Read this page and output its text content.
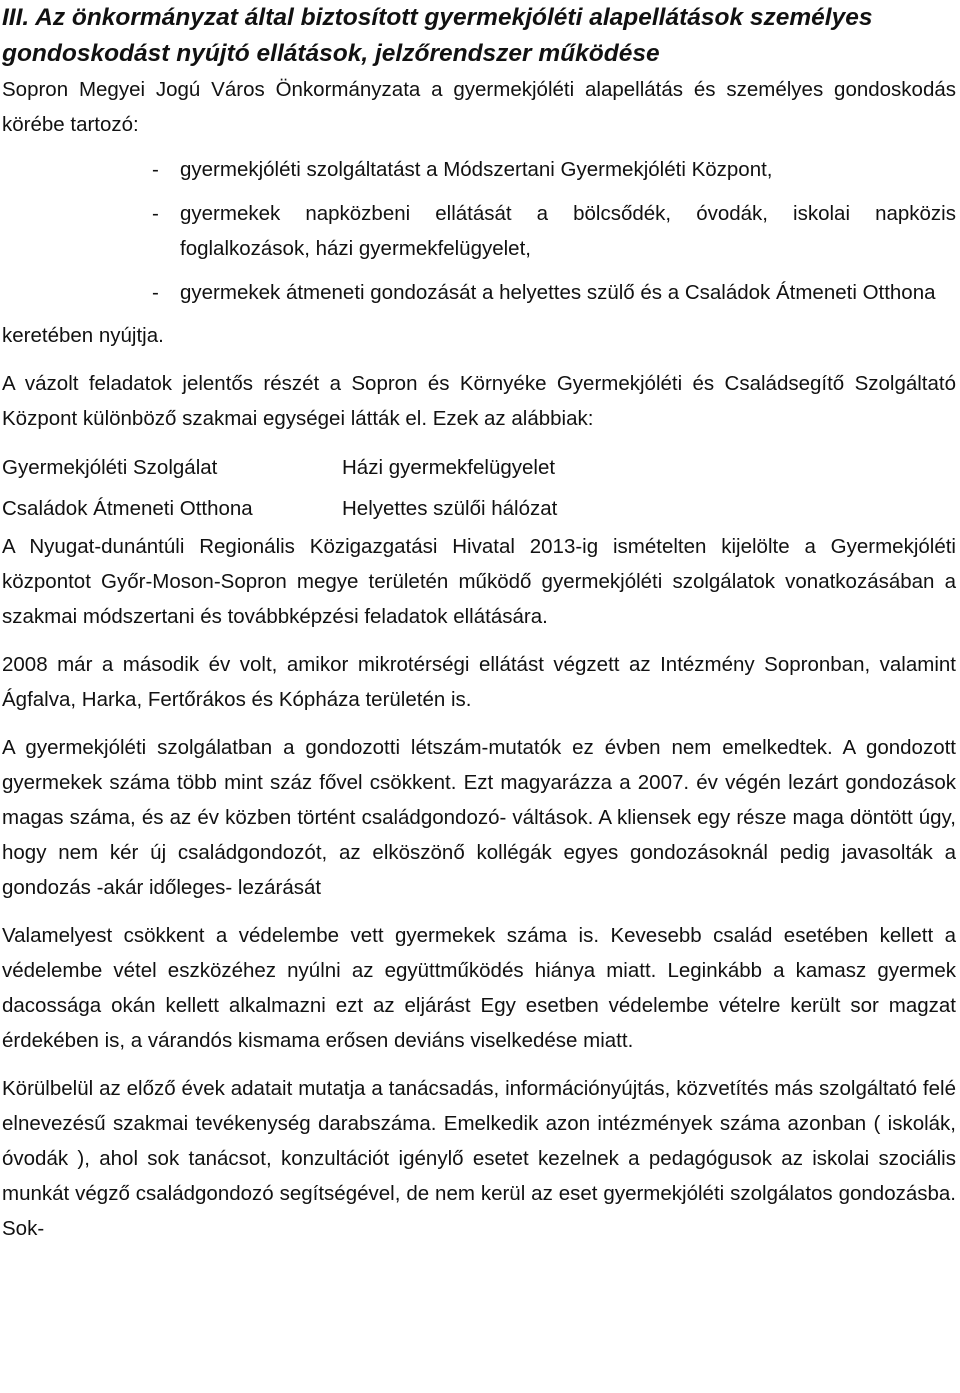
III. Az önkormányzat által biztosított gyermekjóléti alapellátások személyes gondoskodást nyújtó ellátások, jelzőrendszer működése

Sopron Megyei Jogú Város Önkormányzata a gyermekjóléti alapellátás és személyes gondoskodás körébe tartozó:

- gyermekjóléti szolgáltatást a Módszertani Gyermekjóléti Központ,
- gyermekek napközbeni ellátását a bölcsődék, óvodák, iskolai napközis foglalkozások, házi gyermekfelügyelet,
- gyermekek átmeneti gondozását a helyettes szülő és a Családok Átmeneti Otthona

keretében nyújtja.

A vázolt feladatok jelentős részét a Sopron és Környéke Gyermekjóléti és Családsegítő Szolgáltató Központ különböző szakmai egységei látták el. Ezek az alábbiak:

Gyermekjóléti Szolgálat	Házi gyermekfelügyelet
Családok Átmeneti Otthona	Helyettes szülői hálózat

A Nyugat-dunántúli Regionális Közigazgatási Hivatal 2013-ig ismételten kijelölte a Gyermekjóléti központot Győr-Moson-Sopron megye területén működő gyermekjóléti szolgálatok vonatkozásában a szakmai módszertani és továbbképzési feladatok ellátására.

2008 már a második év volt, amikor mikrotérségi ellátást végzett az Intézmény Sopronban, valamint Ágfalva, Harka, Fertőrákos és Kópháza területén is.

A gyermekjóléti szolgálatban a gondozotti létszám-mutatók ez évben nem emelkedtek. A gondozott gyermekek száma több mint száz fővel csökkent. Ezt magyarázza a 2007. év végén lezárt gondozások magas száma, és az év közben történt családgondozó- váltások. A kliensek egy része maga döntött úgy, hogy nem kér új családgondozót, az elköszönő kollégák egyes gondozásoknál pedig javasolták a gondozás -akár időleges- lezárását

Valamelyest csökkent a védelembe vett gyermekek száma is. Kevesebb család esetében kellett a védelembe vétel eszközéhez nyúlni az együttműködés hiánya miatt. Leginkább a kamasz gyermek dacossága okán kellett alkalmazni ezt az eljárást Egy esetben védelembe vételre került sor magzat érdekében is, a várandós kismama erősen deviáns viselkedése miatt.

Körülbelül az előző évek adatait mutatja a tanácsadás, információnyújtás, közvetítés más szolgáltató felé elnevezésű szakmai tevékenység darabszáma. Emelkedik azon intézmények száma azonban ( iskolák, óvodák ), ahol sok tanácsot, konzultációt igénylő esetet kezelnek a pedagógusok az iskolai szociális munkát végző családgondozó segítségével, de nem kerül az eset gyermekjóléti szolgálatos gondozásba. Sok-
